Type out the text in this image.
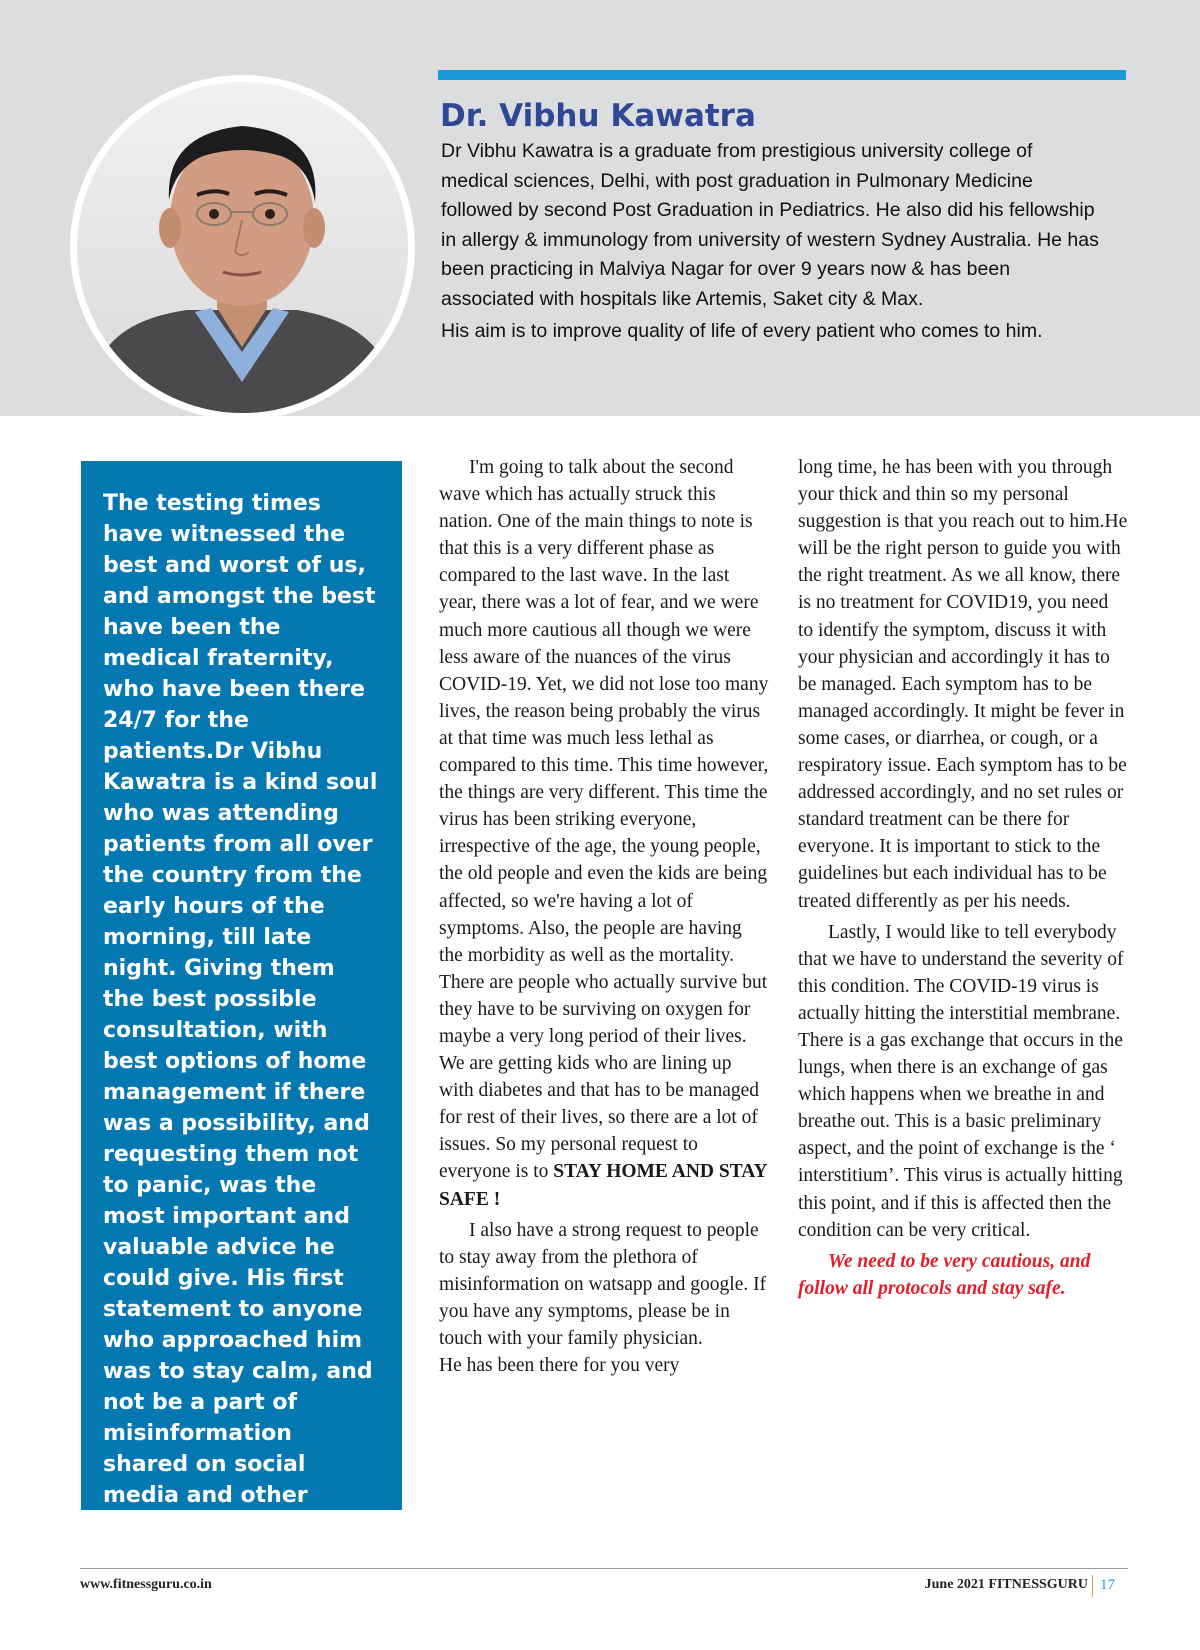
Dr. Vibhu Kawatra

Dr Vibhu Kawatra is a graduate from prestigious university college of medical sciences, Delhi, with post graduation in Pulmonary Medicine followed by second Post Graduation in Pediatrics. He also did his fellowship in allergy & immunology from university of western Sydney Australia. He has been practicing in Malviya Nagar for over 9 years now & has been associated with hospitals like Artemis, Saket city & Max.

His aim is to improve quality of life of every patient who comes to him.

The testing times have witnessed the best and worst of us, and amongst the best have been the medical fraternity, who have been there 24/7 for the patients.Dr Vibhu Kawatra is a kind soul who was attending patients from all over the country from the early hours of the morning, till late night. Giving them the best possible consultation, with best options of home management if there was a possibility, and requesting them not to panic, was the most important and valuable advice he could give. His first statement to anyone who approached him was to stay calm, and not be a part of misinformation shared on social media and other unreliable sources.

I'm going to talk about the second wave which has actually struck this nation. One of the main things to note is that this is a very different phase as compared to the last wave. In the last year, there was a lot of fear, and we were much more cautious all though we were less aware of the nuances of the virus COVID-19. Yet, we did not lose too many lives, the reason being probably the virus at that time was much less lethal as compared to this time. This time however, the things are very different. This time the virus has been striking everyone, irrespective of the age, the young people, the old people and even the kids are being affected, so we're having a lot of symptoms. Also, the people are having the morbidity as well as the mortality. There are people who actually survive but they have to be surviving on oxygen for maybe a very long period of their lives. We are getting kids who are lining up with diabetes and that has to be managed for rest of their lives, so there are a lot of issues. So my personal request to everyone is to STAY HOME AND STAY SAFE !

I also have a strong request to people to stay away from the plethora of misinformation on watsapp and google. If you have any symptoms, please be in touch with your family physician.

He has been there for you very

long time, he has been with you through your thick and thin so my personal suggestion is that you reach out to him.He will be the right person to guide you with the right treatment. As we all know, there is no treatment for COVID19, you need to identify the symptom, discuss it with your physician and accordingly it has to be managed. Each symptom has to be managed accordingly. It might be fever in some cases, or diarrhea, or cough, or a respiratory issue. Each symptom has to be addressed accordingly, and no set rules or standard treatment can be there for everyone. It is important to stick to the guidelines but each individual has to be treated differently as per his needs.

Lastly, I would like to tell everybody that we have to understand the severity of this condition. The COVID-19 virus is actually hitting the interstitial membrane. There is a gas exchange that occurs in the lungs, when there is an exchange of gas which happens when we breathe in and breathe out. This is a basic preliminary aspect, and the point of exchange is the ‘ interstitium’. This virus is actually hitting this point, and if this is affected then the condition can be very critical.

We need to be very cautious, and follow all protocols and stay safe.

www.fitnessguru.co.in	June 2021 FITNESSGURU 17
